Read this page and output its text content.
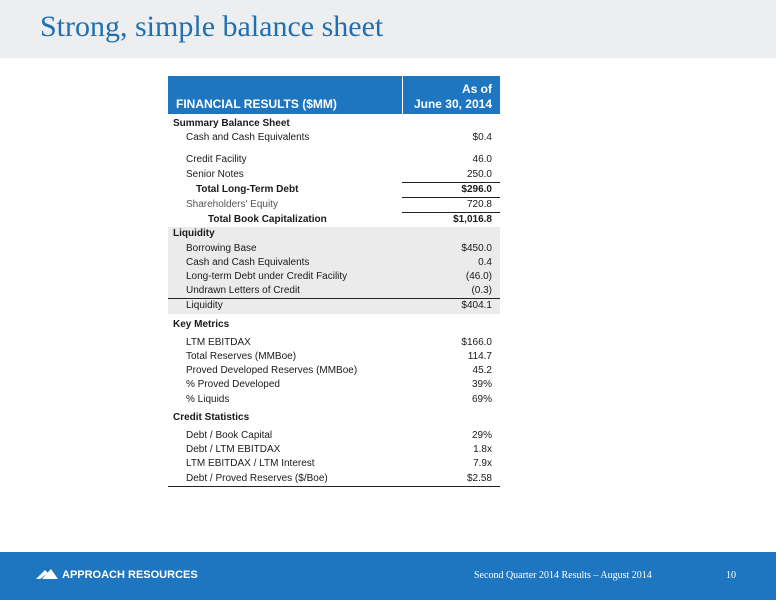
Strong, simple balance sheet
FINANCIAL RESULTS ($MM)	As of
June 30, 2014

Summary Balance Sheet	
Cash and Cash Equivalents	$0.4

Credit Facility	46.0
Senior Notes	250.0
Total Long-Term Debt	$296.0
Shareholders' Equity	720.8
Total Book Capitalization	$1,016.8
Liquidity	
Borrowing Base	$450.0
Cash and Cash Equivalents	0.4
Long-term Debt under Credit Facility	(46.0)
Undrawn Letters of Credit	(0.3)
Liquidity	$404.1
Key Metrics	
LTM EBITDAX	$166.0
Total Reserves (MMBoe)	114.7
Proved Developed Reserves (MMBoe)	45.2
% Proved Developed	39%
% Liquids	69%
Credit Statistics	
Debt / Book Capital	29%
Debt / LTM EBITDAX	1.8x
LTM EBITDAX / LTM Interest	7.9x
Debt / Proved Reserves ($/Boe)	$2.58
APPROACH RESOURCES	Second Quarter 2014 Results – August 2014	10
